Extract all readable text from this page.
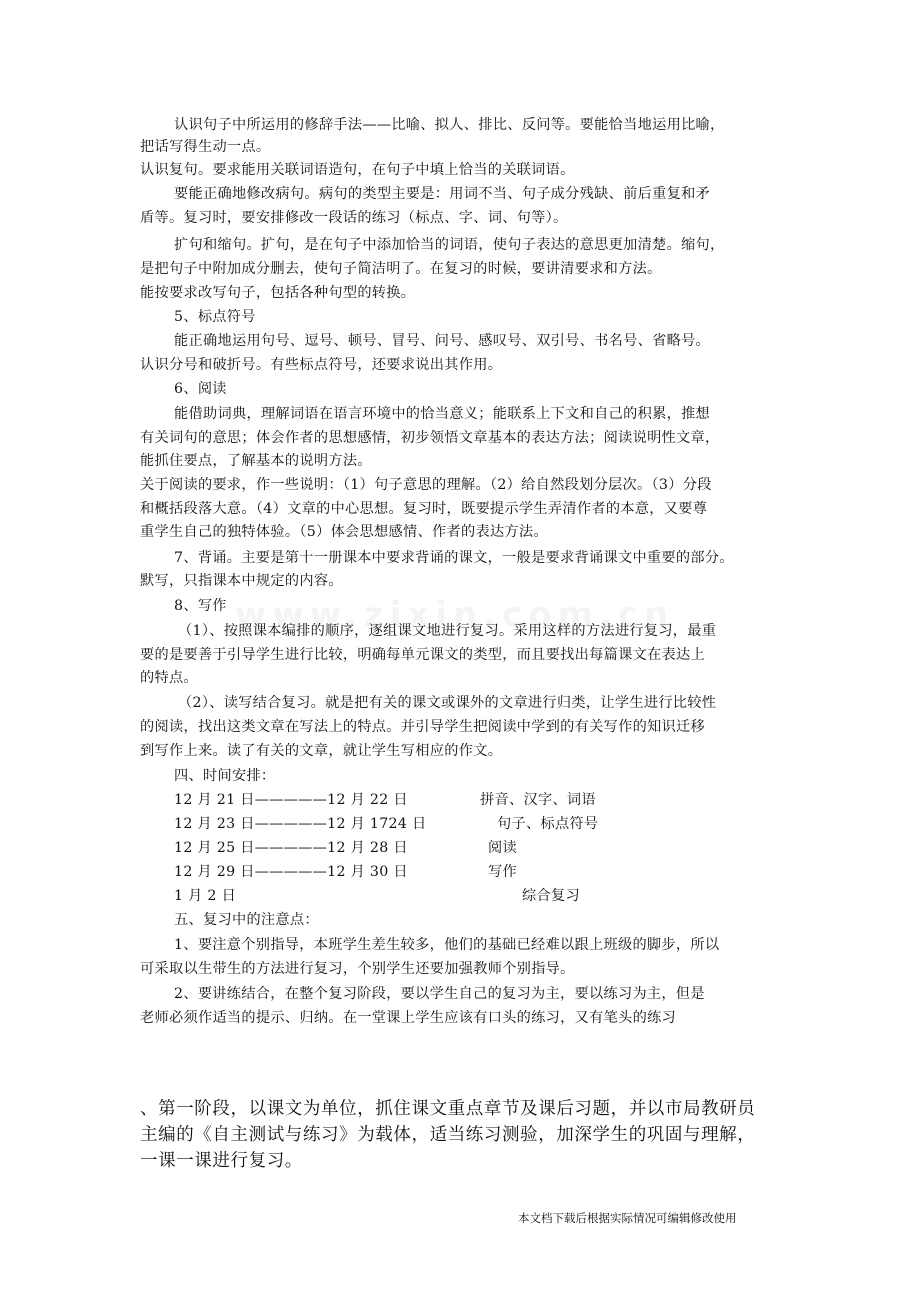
认识句子中所运用的修辞手法——比喻、拟人、排比、反问等。要能恰当地运用比喻，
把话写得生动一点。
认识复句。要求能用关联词语造句，在句子中填上恰当的关联词语。
要能正确地修改病句。病句的类型主要是：用词不当、句子成分残缺、前后重复和矛
盾等。复习时，要安排修改一段话的练习（标点、字、词、句等）。
扩句和缩句。扩句，是在句子中添加恰当的词语，使句子表达的意思更加清楚。缩句，
是把句子中附加成分删去，使句子简洁明了。在复习的时候，要讲清要求和方法。
能按要求改写句子，包括各种句型的转换。
5、标点符号
能正确地运用句号、逗号、顿号、冒号、问号、感叹号、双引号、书名号、省略号。
认识分号和破折号。有些标点符号，还要求说出其作用。
6、阅读
能借助词典，理解词语在语言环境中的恰当意义；能联系上下文和自己的积累，推想
有关词句的意思；体会作者的思想感情，初步领悟文章基本的表达方法；阅读说明性文章，
能抓住要点，了解基本的说明方法。
关于阅读的要求，作一些说明：（1）句子意思的理解。（2）给自然段划分层次。（3）分段
和概括段落大意。（4）文章的中心思想。复习时，既要提示学生弄清作者的本意，又要尊
重学生自己的独特体验。（5）体会思想感情、作者的表达方法。
7、背诵。主要是第十一册课本中要求背诵的课文，一般是要求背诵课文中重要的部分。
默写，只指课本中规定的内容。
8、写作
（1）、按照课本编排的顺序，逐组课文地进行复习。采用这样的方法进行复习，最重
要的是要善于引导学生进行比较，明确每单元课文的类型，而且要找出每篇课文在表达上
的特点。
（2）、读写结合复习。就是把有关的课文或课外的文章进行归类，让学生进行比较性
的阅读，找出这类文章在写法上的特点。并引导学生把阅读中学到的有关写作的知识迁移
到写作上来。读了有关的文章，就让学生写相应的作文。
四、时间安排：
12 月 21 日—————12 月 22 日	拼音、汉字、词语
12 月 23 日—————12 月 1724 日	句子、标点符号
12 月 25 日—————12 月 28 日	阅读
12 月 29 日—————12 月 30 日	写作
1 月 2 日	综合复习
五、复习中的注意点：
1、要注意个别指导，本班学生差生较多，他们的基础已经难以跟上班级的脚步，所以
可采取以生带生的方法进行复习，个别学生还要加强教师个别指导。
2、要讲练结合，在整个复习阶段，要以学生自己的复习为主，要以练习为主，但是
老师必须作适当的提示、归纳。在一堂课上学生应该有口头的练习，又有笔头的练习
、第一阶段，以课文为单位，抓住课文重点章节及课后习题，并以市局教研员
主编的《自主测试与练习》为载体，适当练习测验，加深学生的巩固与理解，
一课一课进行复习。
本文档下载后根据实际情况可编辑修改使用
